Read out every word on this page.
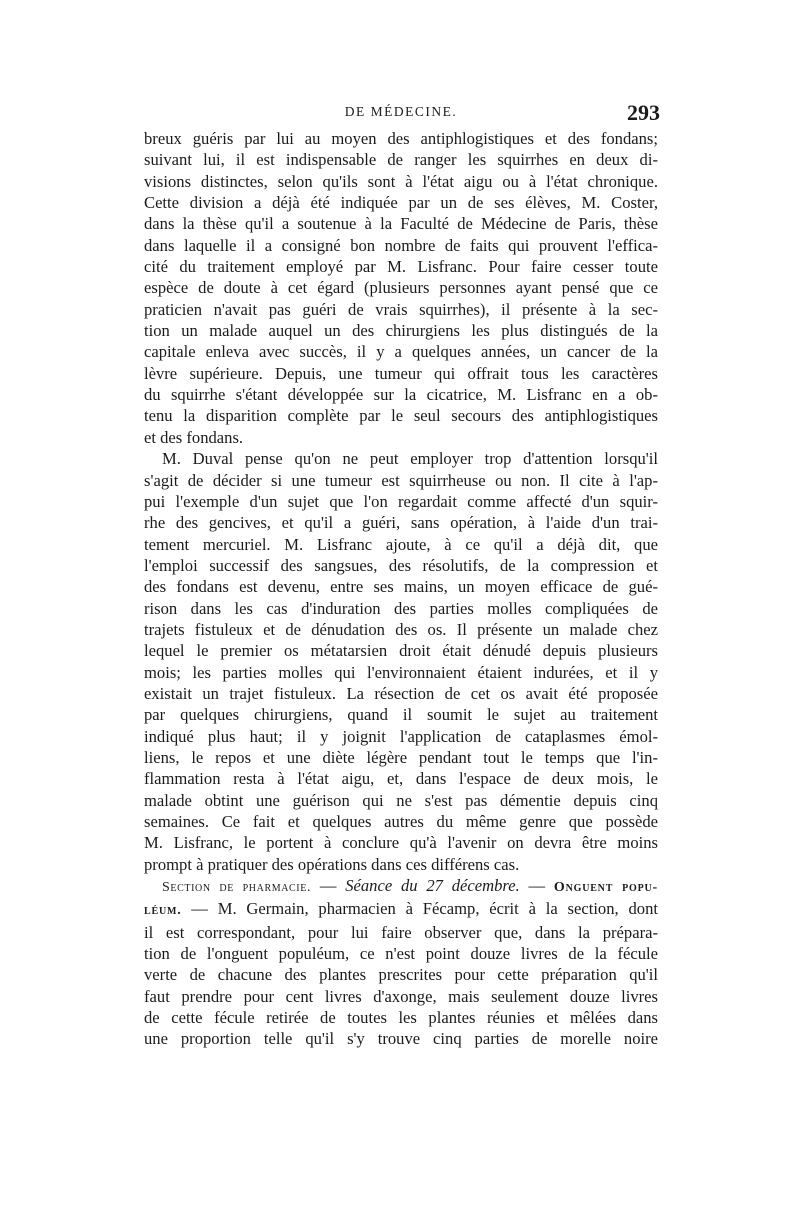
DE MÉDECINE.	293
breux guéris par lui au moyen des antiphlogistiques et des fondans;
suivant lui, il est indispensable de ranger les squirrhes en deux di-
visions distinctes, selon qu'ils sont à l'état aigu ou à l'état chronique.
Cette division a déjà été indiquée par un de ses élèves, M. Coster,
dans la thèse qu'il a soutenue à la Faculté de Médecine de Paris, thèse
dans laquelle il a consigné bon nombre de faits qui prouvent l'effica-
cité du traitement employé par M. Lisfranc. Pour faire cesser toute
espèce de doute à cet égard (plusieurs personnes ayant pensé que ce
praticien n'avait pas guéri de vrais squirrhes), il présente à la sec-
tion un malade auquel un des chirurgiens les plus distingués de la
capitale enleva avec succès, il y a quelques années, un cancer de la
lèvre supérieure. Depuis, une tumeur qui offrait tous les caractères
du squirrhe s'étant développée sur la cicatrice, M. Lisfranc en a ob-
tenu la disparition complète par le seul secours des antiphlogistiques
et des fondans.
M. Duval pense qu'on ne peut employer trop d'attention lorsqu'il
s'agit de décider si une tumeur est squirrheuse ou non. Il cite à l'ap-
pui l'exemple d'un sujet que l'on regardait comme affecté d'un squir-
rhe des gencives, et qu'il a guéri, sans opération, à l'aide d'un trai-
tement mercuriel. M. Lisfranc ajoute, à ce qu'il a déjà dit, que
l'emploi successif des sangsues, des résolutifs, de la compression et
des fondans est devenu, entre ses mains, un moyen efficace de gué-
rison dans les cas d'induration des parties molles compliquées de
trajets fistuleux et de dénudation des os. Il présente un malade chez
lequel le premier os métatarsien droit était dénudé depuis plusieurs
mois; les parties molles qui l'environnaient étaient indurées, et il y
existait un trajet fistuleux. La résection de cet os avait été proposée
par quelques chirurgiens, quand il soumit le sujet au traitement
indiqué plus haut; il y joignit l'application de cataplasmes émol-
liens, le repos et une diète légère pendant tout le temps que l'in-
flammation resta à l'état aigu, et, dans l'espace de deux mois, le
malade obtint une guérison qui ne s'est pas démentie depuis cinq
semaines. Ce fait et quelques autres du même genre que possède
M. Lisfranc, le portent à conclure qu'à l'avenir on devra être moins
prompt à pratiquer des opérations dans ces différens cas.
Section de pharmacie. — Séance du 27 décembre. — Onguent popu-
léum. — M. Germain, pharmacien à Fécamp, écrit à la section, dont
il est correspondant, pour lui faire observer que, dans la prépara-
tion de l'onguent populéum, ce n'est point douze livres de la fécule
verte de chacune des plantes prescrites pour cette préparation qu'il
faut prendre pour cent livres d'axonge, mais seulement douze livres
de cette fécule retirée de toutes les plantes réunies et mêlées dans
une proportion telle qu'il s'y trouve cinq parties de morelle noire
